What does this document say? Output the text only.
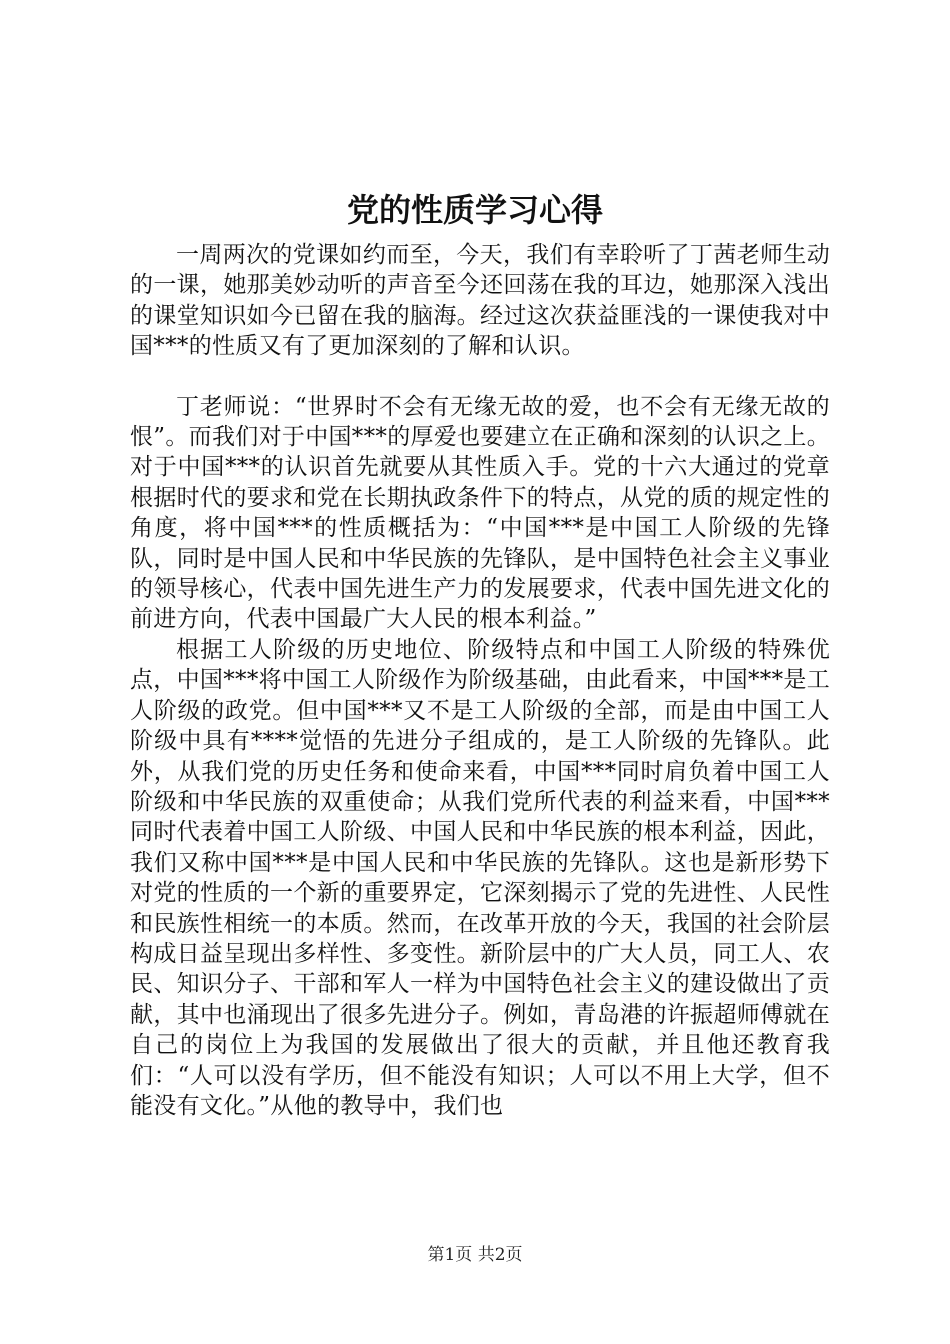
党的性质学习心得

一周两次的党课如约而至，今天，我们有幸聆听了丁茜老师生动的一课，她那美妙动听的声音至今还回荡在我的耳边，她那深入浅出的课堂知识如今已留在我的脑海。经过这次获益匪浅的一课使我对中国***的性质又有了更加深刻的了解和认识。

丁老师说：“世界时不会有无缘无故的爱，也不会有无缘无故的恨”。而我们对于中国***的厚爱也要建立在正确和深刻的认识之上。对于中国***的认识首先就要从其性质入手。党的十六大通过的党章根据时代的要求和党在长期执政条件下的特点，从党的质的规定性的角度，将中国***的性质概括为：“中国***是中国工人阶级的先锋队，同时是中国人民和中华民族的先锋队，是中国特色社会主义事业的领导核心，代表中国先进生产力的发展要求，代表中国先进文化的前进方向，代表中国最广大人民的根本利益。”

根据工人阶级的历史地位、阶级特点和中国工人阶级的特殊优点，中国***将中国工人阶级作为阶级基础，由此看来，中国***是工人阶级的政党。但中国***又不是工人阶级的全部，而是由中国工人阶级中具有****觉悟的先进分子组成的，是工人阶级的先锋队。此外，从我们党的历史任务和使命来看，中国***同时肩负着中国工人阶级和中华民族的双重使命；从我们党所代表的利益来看，中国***同时代表着中国工人阶级、中国人民和中华民族的根本利益，因此，我们又称中国***是中国人民和中华民族的先锋队。这也是新形势下对党的性质的一个新的重要界定，它深刻揭示了党的先进性、人民性和民族性相统一的本质。然而，在改革开放的今天，我国的社会阶层构成日益呈现出多样性、多变性。新阶层中的广大人员，同工人、农民、知识分子、干部和军人一样为中国特色社会主义的建设做出了贡献，其中也涌现出了很多先进分子。例如，青岛港的许振超师傅就在自己的岗位上为我国的发展做出了很大的贡献，并且他还教育我们：“人可以没有学历，但不能没有知识；人可以不用上大学，但不能没有文化。”从他的教导中，我们也

第1页 共2页
